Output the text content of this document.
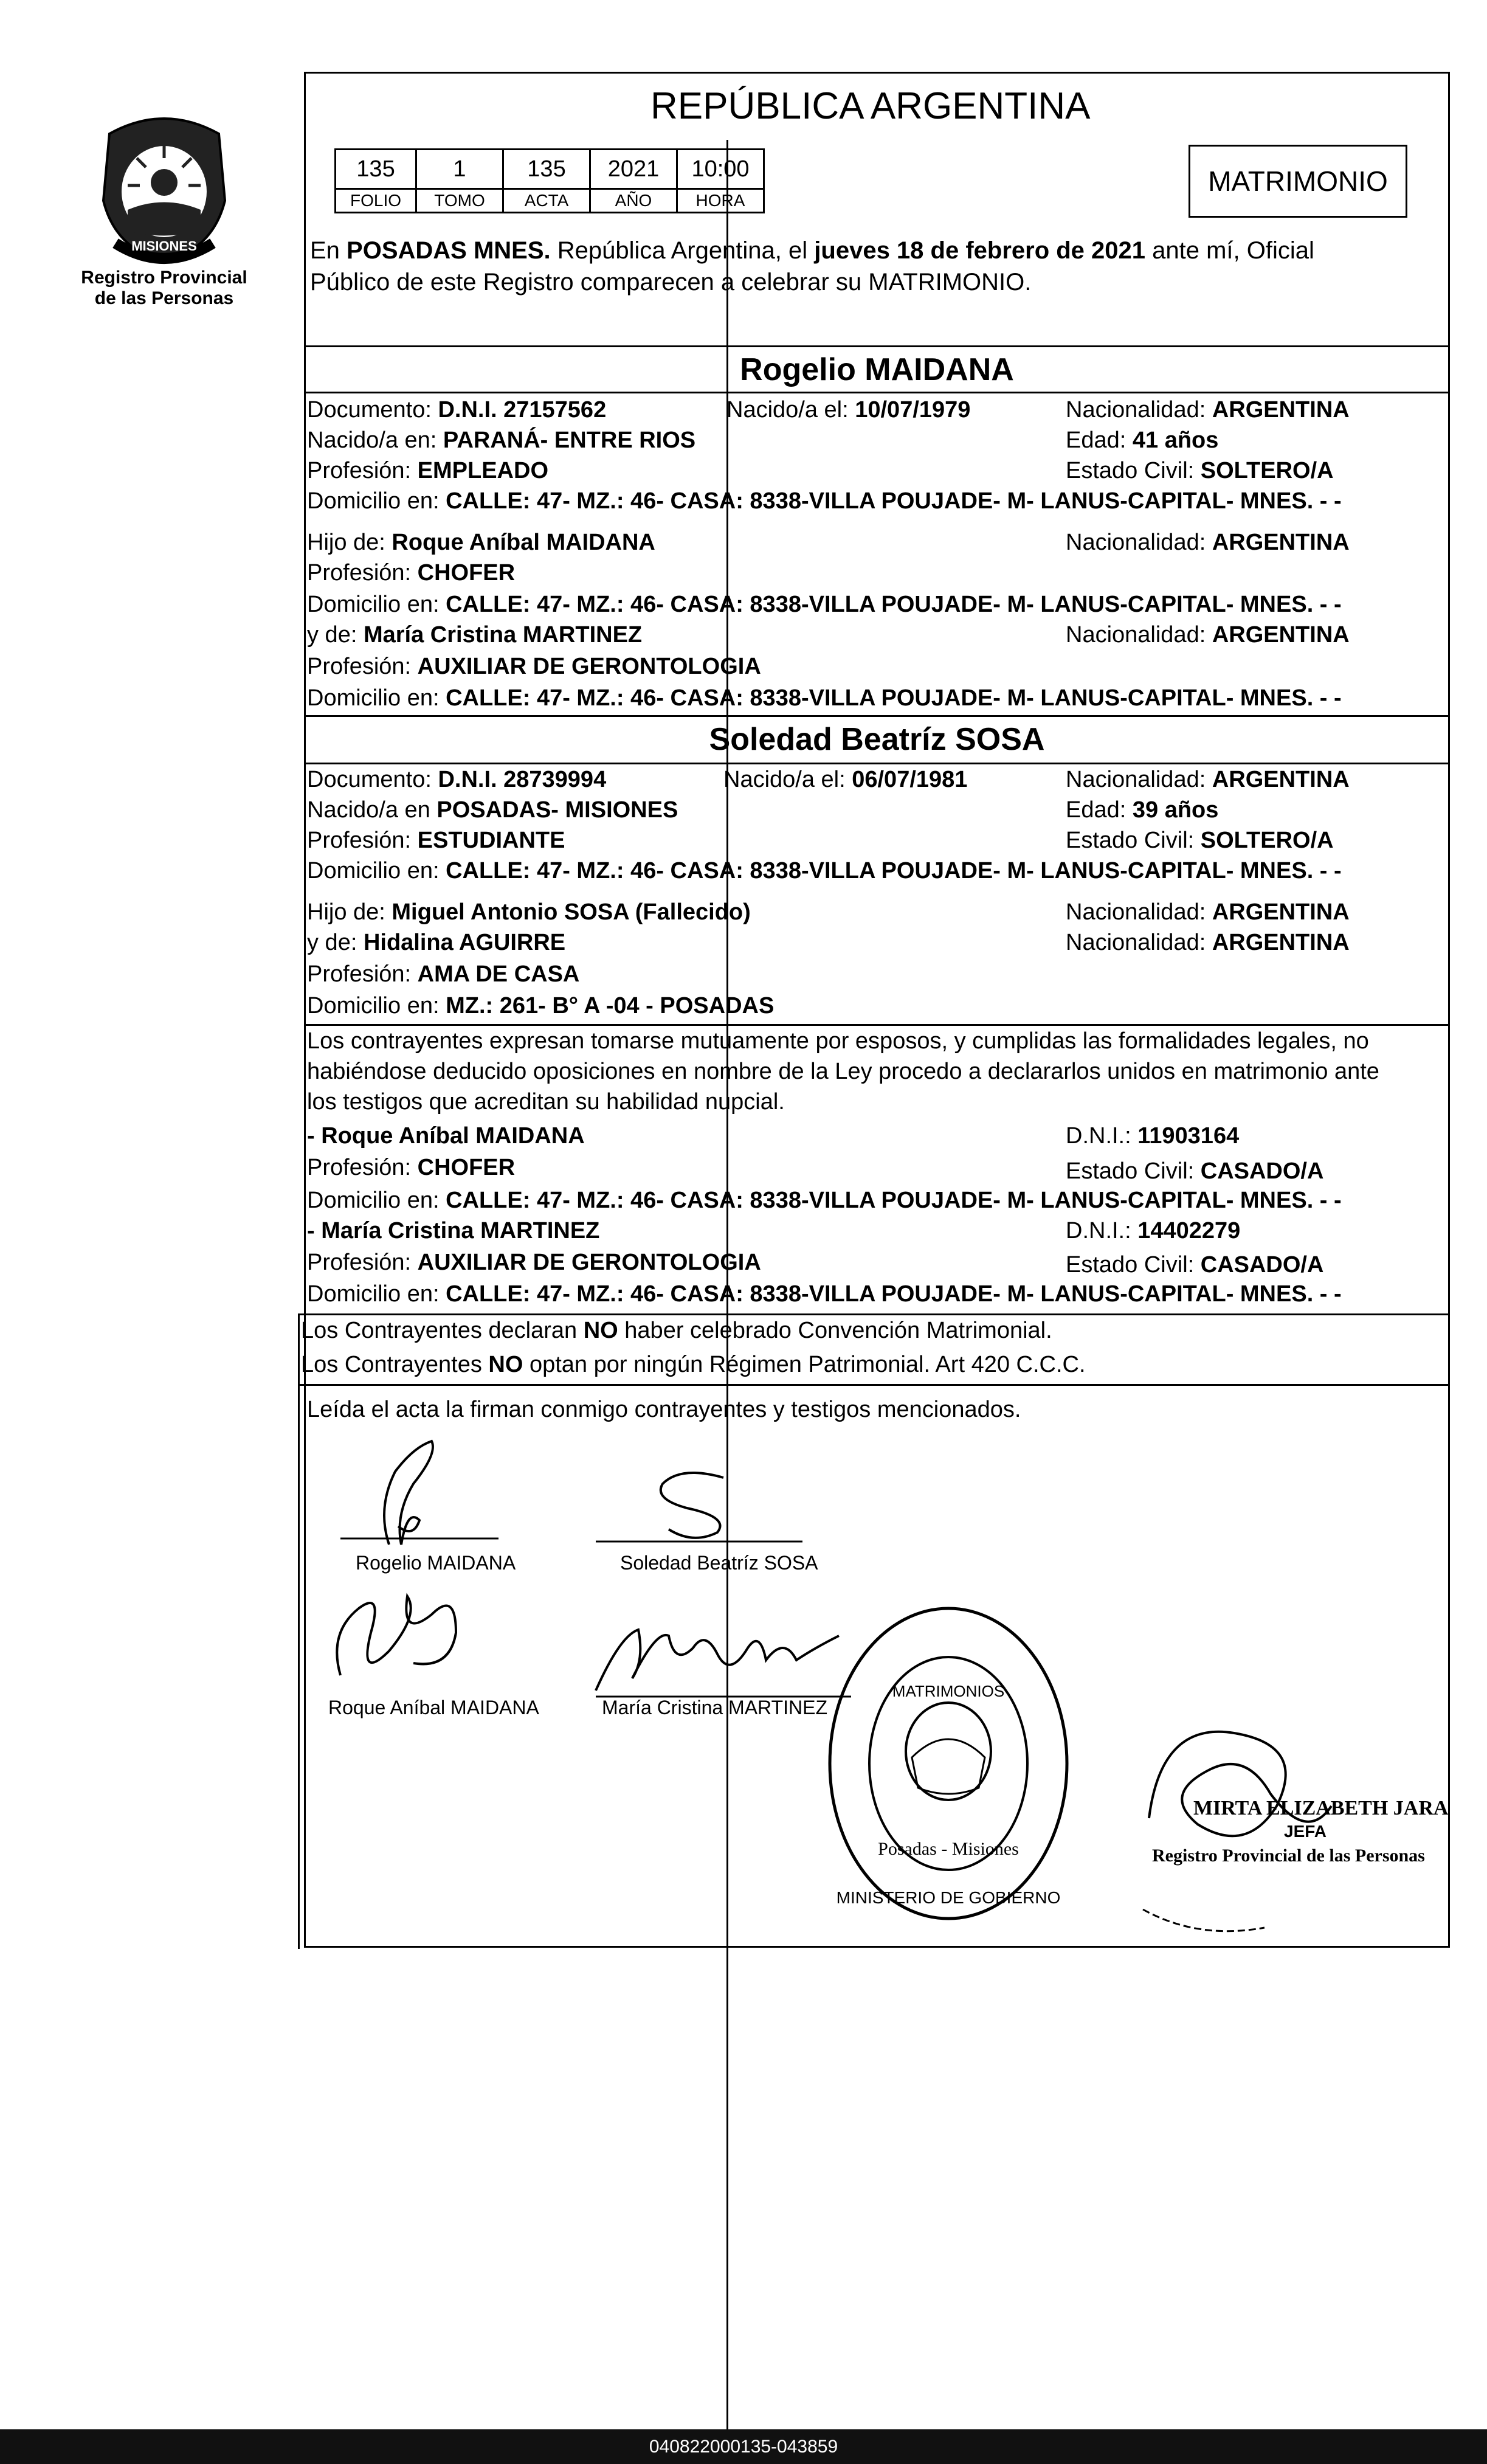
MISIONES
Registro Provincial
de las Personas
REPÚBLICA ARGENTINA
135	1	135	2021	10:00
FOLIO	TOMO	ACTA	AÑO	HORA
MATRIMONIO
En POSADAS MNES. República Argentina, el jueves 18 de febrero de 2021 ante mí, Oficial
Público de este Registro comparecen a celebrar su MATRIMONIO.
Rogelio MAIDANA
Documento: D.N.I. 27157562	Nacido/a el: 10/07/1979	Nacionalidad: ARGENTINA
Nacido/a en: PARANÁ- ENTRE RIOS	Edad: 41 años
Profesión: EMPLEADO	Estado Civil: SOLTERO/A
Domicilio en: CALLE: 47- MZ.: 46- CASA: 8338-VILLA POUJADE- M- LANUS-CAPITAL- MNES. - -
Hijo de: Roque Aníbal MAIDANA	Nacionalidad: ARGENTINA
Profesión: CHOFER
Domicilio en: CALLE: 47- MZ.: 46- CASA: 8338-VILLA POUJADE- M- LANUS-CAPITAL- MNES. - -
y de: María Cristina MARTINEZ	Nacionalidad: ARGENTINA
Profesión: AUXILIAR DE GERONTOLOGIA
Domicilio en: CALLE: 47- MZ.: 46- CASA: 8338-VILLA POUJADE- M- LANUS-CAPITAL- MNES. - -
Soledad Beatríz SOSA
Documento: D.N.I. 28739994	Nacido/a el: 06/07/1981	Nacionalidad: ARGENTINA
Nacido/a en POSADAS- MISIONES	Edad: 39 años
Profesión: ESTUDIANTE	Estado Civil: SOLTERO/A
Domicilio en: CALLE: 47- MZ.: 46- CASA: 8338-VILLA POUJADE- M- LANUS-CAPITAL- MNES. - -
Hijo de: Miguel Antonio SOSA (Fallecido)	Nacionalidad: ARGENTINA
y de: Hidalina AGUIRRE	Nacionalidad: ARGENTINA
Profesión: AMA DE CASA
Domicilio en: MZ.: 261- B° A -04 - POSADAS
Los contrayentes expresan tomarse mutuamente por esposos, y cumplidas las formalidades legales, no
habiéndose deducido oposiciones en nombre de la Ley procedo a declararlos unidos en matrimonio ante
los testigos que acreditan su habilidad nupcial.
- Roque Aníbal MAIDANA	D.N.I.: 11903164
Profesión: CHOFER	Estado Civil: CASADO/A
Domicilio en: CALLE: 47- MZ.: 46- CASA: 8338-VILLA POUJADE- M- LANUS-CAPITAL- MNES. - -
- María Cristina MARTINEZ	D.N.I.: 14402279
Profesión: AUXILIAR DE GERONTOLOGIA	Estado Civil: CASADO/A
Domicilio en: CALLE: 47- MZ.: 46- CASA: 8338-VILLA POUJADE- M- LANUS-CAPITAL- MNES. - -
Los Contrayentes declaran NO haber celebrado Convención Matrimonial.
Los Contrayentes NO optan por ningún Régimen Patrimonial. Art 420 C.C.C.
Leída el acta la firman conmigo contrayentes y testigos mencionados.
Rogelio MAIDANA	Soledad Beatríz SOSA
Roque Aníbal MAIDANA	María Cristina MARTINEZ
MATRIMONIOS
Posadas - Misiones
MINISTERIO DE GOBIERNO
MIRTA ELIZABETH JARA
JEFA
Registro Provincial de las Personas
040822000135-043859
